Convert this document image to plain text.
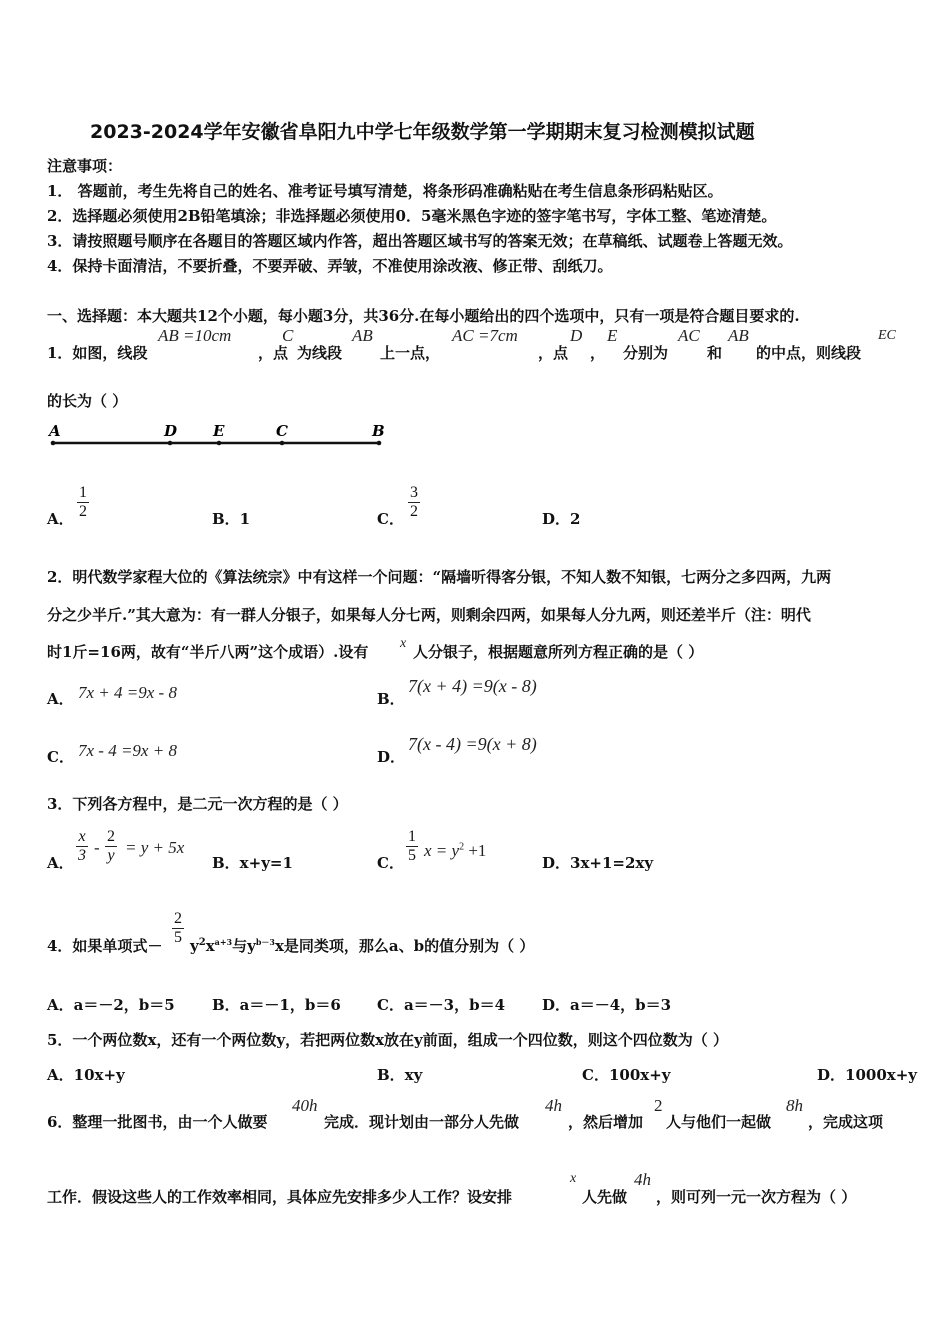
2023-2024学年安徽省阜阳九中学七年级数学第一学期期末复习检测模拟试题
注意事项：
1． 答题前，考生先将自己的姓名、准考证号填写清楚，将条形码准确粘贴在考生信息条形码粘贴区。
2．选择题必须使用2B铅笔填涂；非选择题必须使用0．5毫米黑色字迹的签字笔书写，字体工整、笔迹清楚。
3．请按照题号顺序在各题目的答题区域内作答，超出答题区域书写的答案无效；在草稿纸、试题卷上答题无效。
4．保持卡面清洁，不要折叠，不要弄破、弄皱，不准使用涂改液、修正带、刮纸刀。
一、选择题：本大题共12个小题，每小题3分，共36分.在每小题给出的四个选项中，只有一项是符合题目要求的.
1．如图，线段
AB =10cm
，点
C
为线段
AB
上一点，
AC =7cm
，点
D
，
E
分别为
AC
和
AB
的中点，则线段
EC
的长为（ ）
A	D E	C	B
A． $\frac{1}{2}$	B．1	C． $\frac{3}{2}$	D．2
2．明代数学家程大位的《算法统宗》中有这样一个问题：“隔墙听得客分银，不知人数不知银，七两分之多四两，九两
分之少半斤.”其大意为：有一群人分银子，如果每人分七两，则剩余四两，如果每人分九两，则还差半斤（注：明代
时1斤=16两，故有“半斤八两”这个成语）.设有 x 人分银子，根据题意所列方程正确的是（ ）
A． 7x + 4 =9x - 8	B．
7(x + 4) =9(x - 8)
C． 7x - 4 =9x + 8	D．
7(x - 4) =9(x + 8)
3．下列各方程中，是二元一次方程的是（ ）
A． $\frac{x}{3} - \frac{2}{y} = y + 5x$
B．x+y=1	C． $\frac{1}{5}$ $x = y^2 +1$
D．3x+1=2xy
4．如果单项式－ $\frac{2}{5} y^2x^{a+3}$与$y^{b-3}x$是同类项，那么a、b的值分别为（ ）
A．a＝－2，b＝5 B．a＝－1，b＝6 C．a＝－3，b＝4 D．a＝－4，b＝3
5．一个两位数x，还有一个两位数y，若把两位数x放在y前面，组成一个四位数，则这个四位数为（ ）
A．10x+y	B．xy	C．100x+y	D．1000x+y
6．整理一批图书，由一个人做要
40h
完成．现计划由一部分人先做
4h
，然后增加
2
人与他们一起做
8h
，完成这项
工作．假设这些人的工作效率相同，具体应先安排多少人工作？设安排
x
人先做
4h
，则可列一元一次方程为（ ）
